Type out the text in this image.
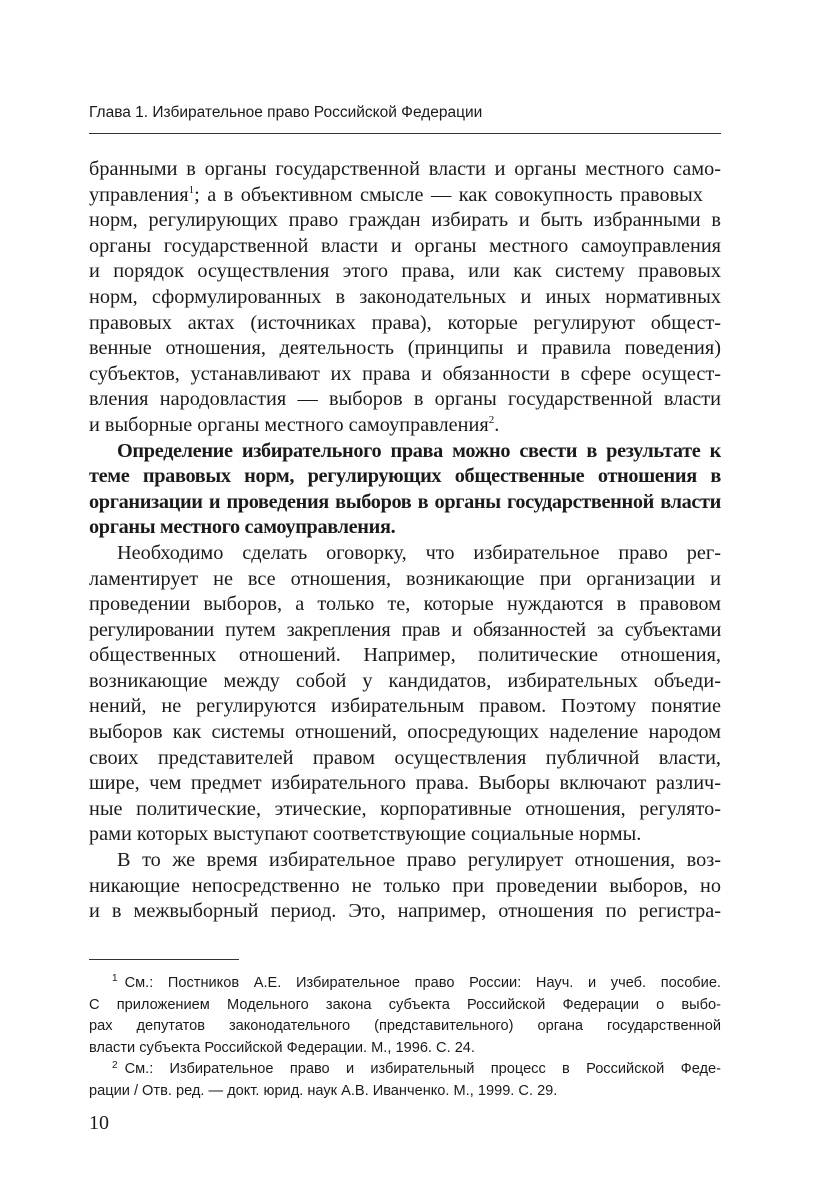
Глава 1. Избирательное право Российской Федерации
бранными в органы государственной власти и органы местного само-
управления$^1$; а в объективном смысле — как совокупность правовых
норм, регулирующих право граждан избирать и быть избранными в
органы государственной власти и органы местного самоуправления
и порядок осуществления этого права, или как систему правовых
норм, сформулированных в законодательных и иных нормативных
правовых актах (источниках права), которые регулируют общест-
венные отношения, деятельность (принципы и правила поведения)
субъектов, устанавливают их права и обязанности в сфере осущест-
вления народовластия — выборов в органы государственной власти
и выборные органы местного самоуправления$^2$.
Определение избирательного права можно свести в результате к
теме правовых норм, регулирующих общественные отношения в
организации и проведения выборов в органы государственной власти
органы местного самоуправления.
Необходимо сделать оговорку, что избирательное право рег-
ламентирует не все отношения, возникающие при организации и
проведении выборов, а только те, которые нуждаются в правовом
регулировании путем закрепления прав и обязанностей за субъектами
общественных отношений. Например, политические отношения,
возникающие между собой у кандидатов, избирательных объеди-
нений, не регулируются избирательным правом. Поэтому понятие
выборов как системы отношений, опосредующих наделение народом
своих представителей правом осуществления публичной власти,
шире, чем предмет избирательного права. Выборы включают различ-
ные политические, этические, корпоративные отношения, регулято-
рами которых выступают соответствующие социальные нормы.
В то же время избирательное право регулирует отношения, воз-
никающие непосредственно не только при проведении выборов, но
и в межвыборный период. Это, например, отношения по регистра-
$^1$ См.: Постников А.Е. Избирательное право России: Науч. и учеб. пособие.
С приложением Модельного закона субъекта Российской Федерации о выбо-
рах депутатов законодательного (представительного) органа государственной
власти субъекта Российской Федерации. М., 1996. С. 24.
$^2$ См.: Избирательное право и избирательный процесс в Российской Феде-
рации / Отв. ред. — докт. юрид. наук А.В. Иванченко. М., 1999. С. 29.
10
